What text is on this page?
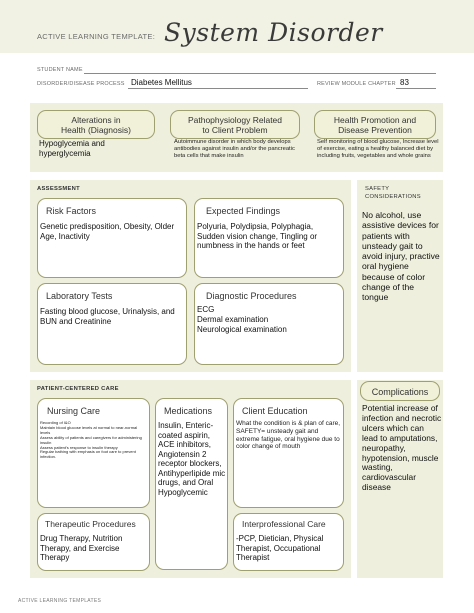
ACTIVE LEARNING TEMPLATE: System Disorder
STUDENT NAME
DISORDER/DISEASE PROCESS Diabetes Mellitus	REVIEW MODULE CHAPTER 83
Alterations in
Health (Diagnosis)
Hypoglycemia and hyperglycemia
Pathophysiology Related
to Client Problem
Autoimmune disorder in which body develops antibodies against insulin and/or the pancreatic beta cells that make insulin
Health Promotion and
Disease Prevention
Self monitoring of blood glucose, Increase level of exercise, eating a healthy balanced diet by including fruits, vegetables and whole grains
ASSESSMENT
Risk Factors
Genetic predisposition, Obesity, Older Age, Inactivity
Expected Findings
Polyuria, Polydipsia, Polyphagia, Sudden vision change, Tingling or numbness in the hands or feet
Laboratory Tests
Fasting blood glucose, Urinalysis, and BUN and Creatinine
Diagnostic Procedures
ECG
Dermal examination
Neurological examination
SAFETY
CONSIDERATIONS
No alcohol, use assistive devices for patients with unsteady gait to avoid injury, practive oral hygiene because of color change of the tongue
PATIENT-CENTERED CARE
Nursing Care
Recording of I&O
Maintain blood glucose levels at normal to near-normal levels
Assess ability of patients and caregivers for administering insulin
Assess patient's response to insulin therapy
Regular bathing with emphasis on foot care to prevent infection.
Medications
Insulin, Enteric-coated aspirin, ACE inhibitors, Angiotensin 2 receptor blockers, Antihyperlipide mic drugs, and Oral Hypoglycemic
Client Education
What the condition is & plan of care, SAFETY= unsteady gait and extreme fatigue, oral hygiene due to color change of mouth
Therapeutic Procedures
Drug Therapy, Nutrition Therapy, and Exercise Therapy
Interprofessional Care
-PCP, Dietician, Physical Therapist, Occupational Therapist
Complications
Potential increase of infection and necrotic ulcers which can lead to amputations, neuropathy, hypotension, muscle wasting, cardiovascular disease
ACTIVE LEARNING TEMPLATES
